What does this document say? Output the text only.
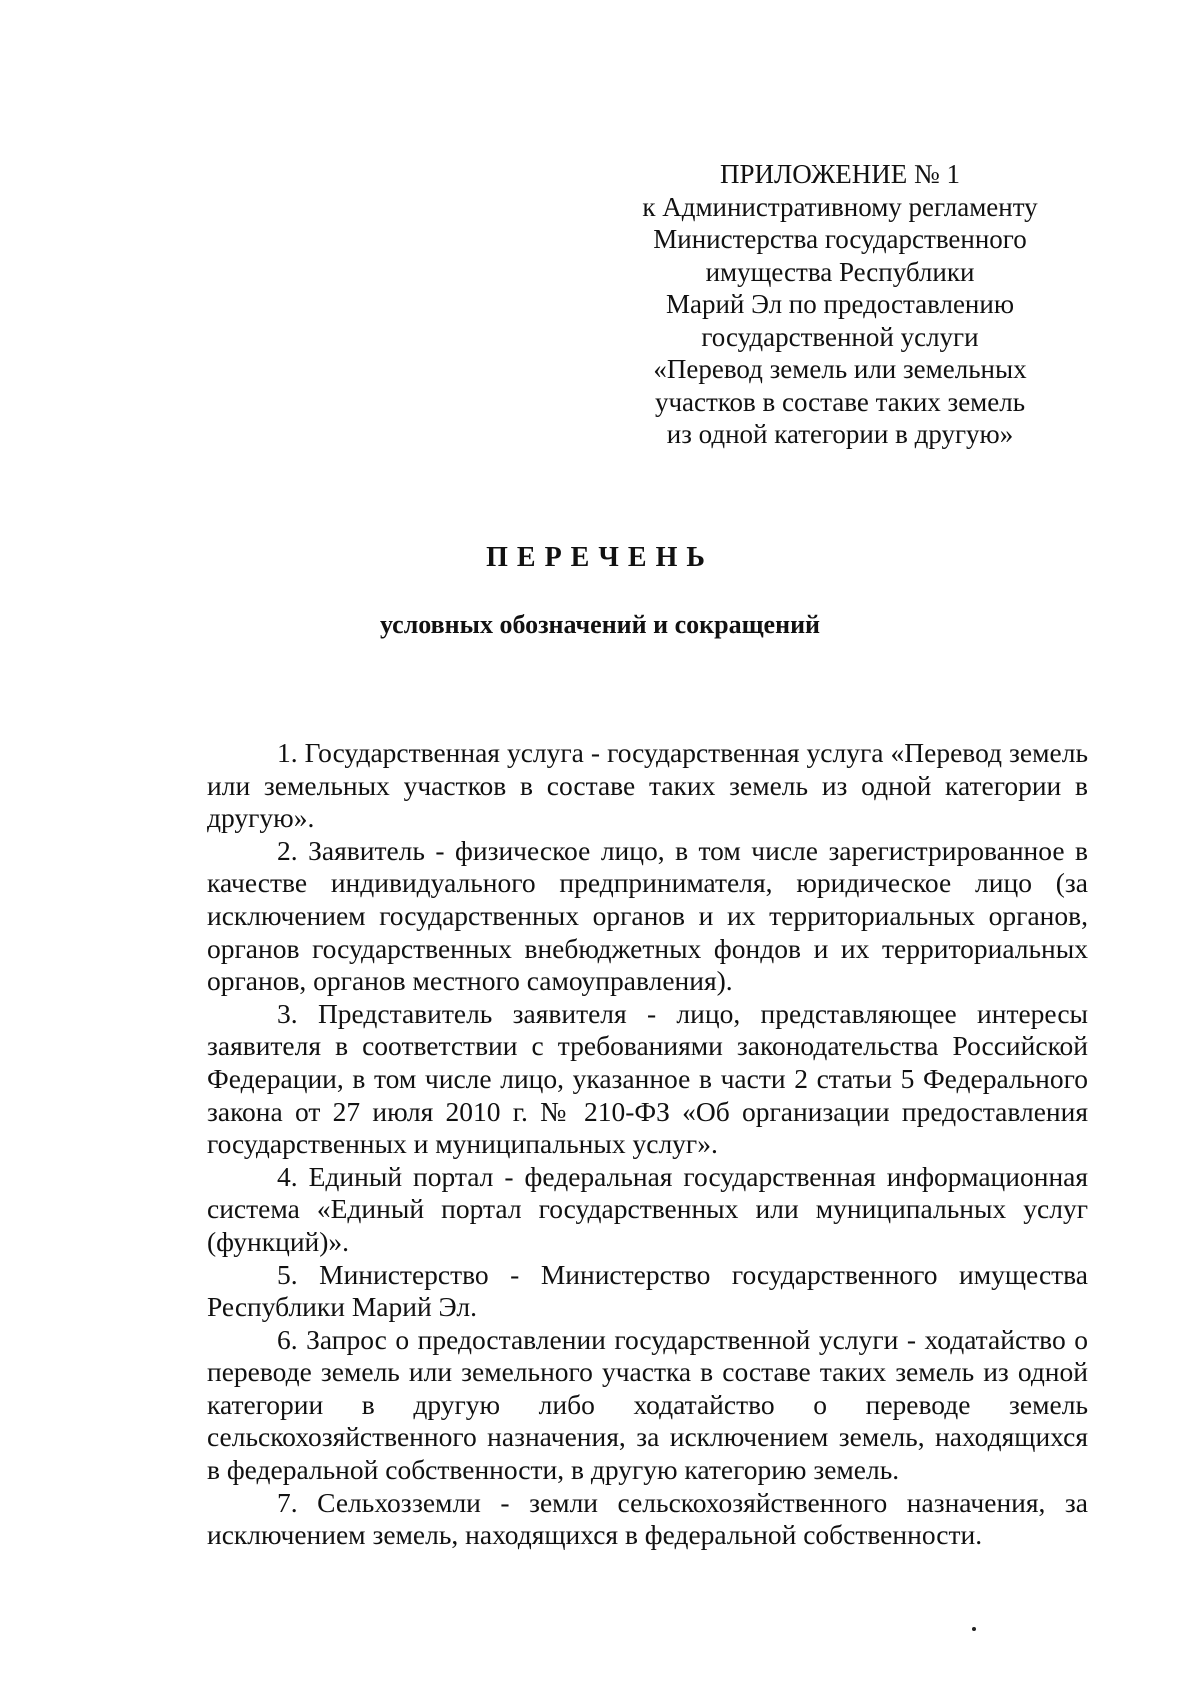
ПРИЛОЖЕНИЕ № 1
к Административному регламенту
Министерства государственного
имущества Республики
Марий Эл по предоставлению
государственной услуги
«Перевод земель или земельных
участков в составе таких земель
из одной категории в другую»
ПЕРЕЧЕНЬ
условных обозначений и сокращений

1. Государственная услуга - государственная услуга «Перевод земель или земельных участков в составе таких земель из одной категории в другую».

2. Заявитель - физическое лицо, в том числе зарегистрированное в качестве индивидуального предпринимателя, юридическое лицо (за исключением государственных органов и их территориальных органов, органов государственных внебюджетных фондов и их территориальных органов, органов местного самоуправления).

3. Представитель заявителя - лицо, представляющее интересы заявителя в соответствии с требованиями законодательства Российской Федерации, в том числе лицо, указанное в части 2 статьи 5 Федерального закона от 27 июля 2010 г. № 210-ФЗ «Об организации предоставления государственных и муниципальных услуг».

4. Единый портал - федеральная государственная информационная система «Единый портал государственных или муниципальных услуг (функций)».

5. Министерство - Министерство государственного имущества Республики Марий Эл.

6. Запрос о предоставлении государственной услуги - ходатайство о переводе земель или земельного участка в составе таких земель из одной категории в другую либо ходатайство о переводе земель сельскохозяйственного назначения, за исключением земель, находящихся в федеральной собственности, в другую категорию земель.

7. Сельхозземли - земли сельскохозяйственного назначения, за исключением земель, находящихся в федеральной собственности.
